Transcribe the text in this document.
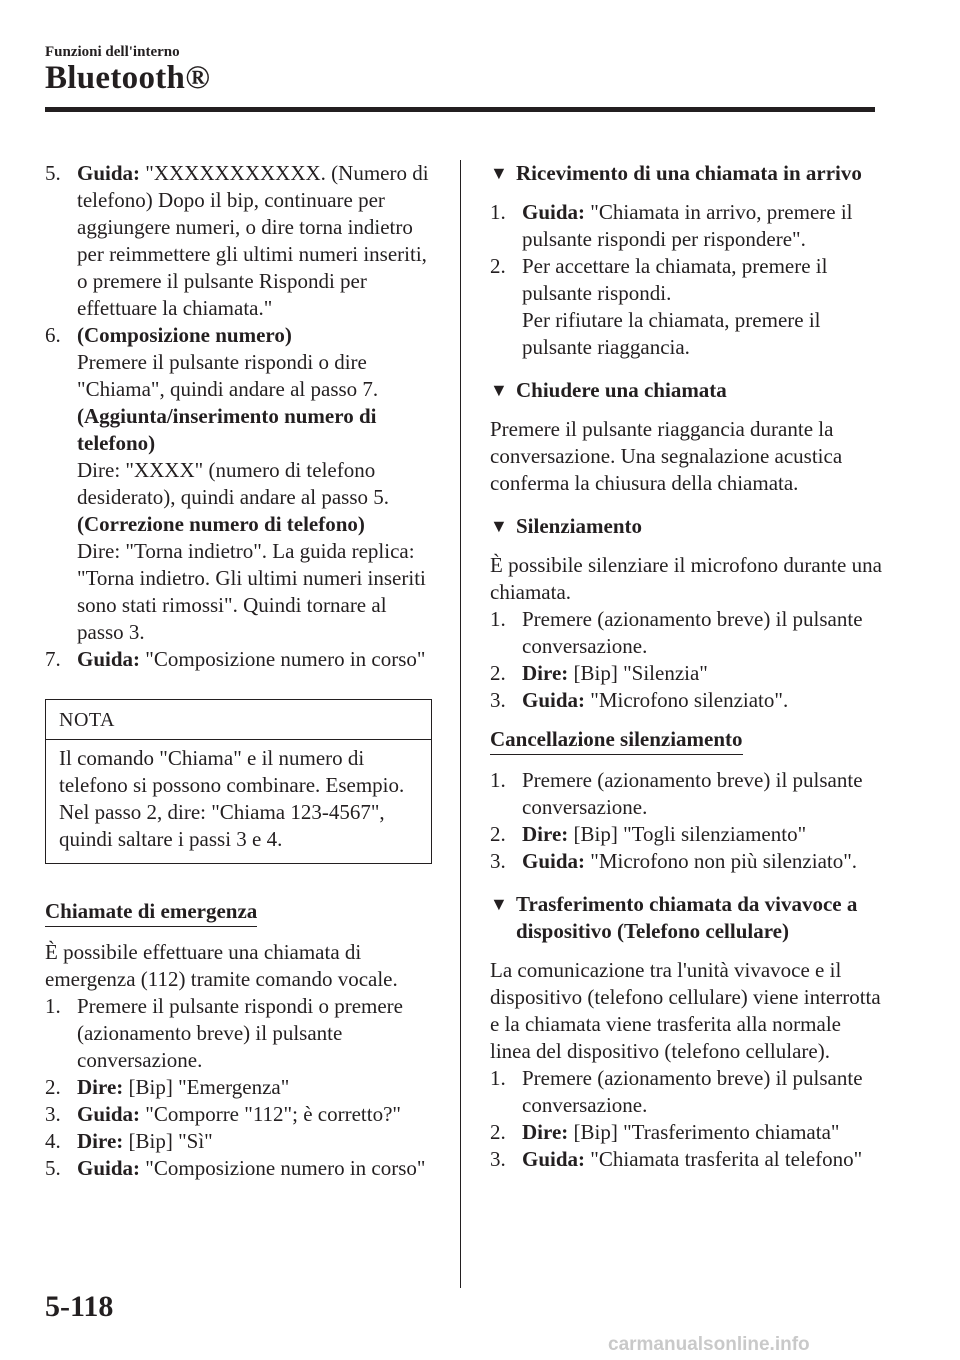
Funzioni dell'interno
Bluetooth®
5. Guida: "XXXXXXXXXXX. (Numero di telefono) Dopo il bip, continuare per aggiungere numeri, o dire torna indietro per reimmettere gli ultimi numeri inseriti, o premere il pulsante Rispondi per effettuare la chiamata."
6. (Composizione numero)
Premere il pulsante rispondi o dire "Chiama", quindi andare al passo 7.
(Aggiunta/inserimento numero di telefono)
Dire: "XXXX" (numero di telefono desiderato), quindi andare al passo 5.
(Correzione numero di telefono)
Dire: "Torna indietro". La guida replica: "Torna indietro. Gli ultimi numeri inseriti sono stati rimossi". Quindi tornare al passo 3.
7. Guida: "Composizione numero in corso"
NOTA
Il comando "Chiama" e il numero di telefono si possono combinare. Esempio. Nel passo 2, dire: "Chiama 123-4567", quindi saltare i passi 3 e 4.
Chiamate di emergenza

È possibile effettuare una chiamata di emergenza (112) tramite comando vocale.

1. Premere il pulsante rispondi o premere (azionamento breve) il pulsante conversazione.
2. Dire: [Bip] "Emergenza"
3. Guida: "Comporre "112"; è corretto?"
4. Dire: [Bip] "Sì"
5. Guida: "Composizione numero in corso"
▼ Ricevimento di una chiamata in arrivo
1. Guida: "Chiamata in arrivo, premere il pulsante rispondi per rispondere".
2. Per accettare la chiamata, premere il pulsante rispondi.
Per rifiutare la chiamata, premere il pulsante riaggancia.
▼ Chiudere una chiamata

Premere il pulsante riaggancia durante la conversazione. Una segnalazione acustica conferma la chiusura della chiamata.

▼ Silenziamento

È possibile silenziare il microfono durante una chiamata.

1. Premere (azionamento breve) il pulsante conversazione.
2. Dire: [Bip] "Silenzia"
3. Guida: "Microfono silenziato".
Cancellazione silenziamento
1. Premere (azionamento breve) il pulsante conversazione.
2. Dire: [Bip] "Togli silenziamento"
3. Guida: "Microfono non più silenziato".
▼ Trasferimento chiamata da vivavoce a dispositivo (Telefono cellulare)

La comunicazione tra l'unità vivavoce e il dispositivo (telefono cellulare) viene interrotta e la chiamata viene trasferita alla normale linea del dispositivo (telefono cellulare).

1. Premere (azionamento breve) il pulsante conversazione.
2. Dire: [Bip] "Trasferimento chiamata"
3. Guida: "Chiamata trasferita al telefono"
5-118
carmanualsonline.info
